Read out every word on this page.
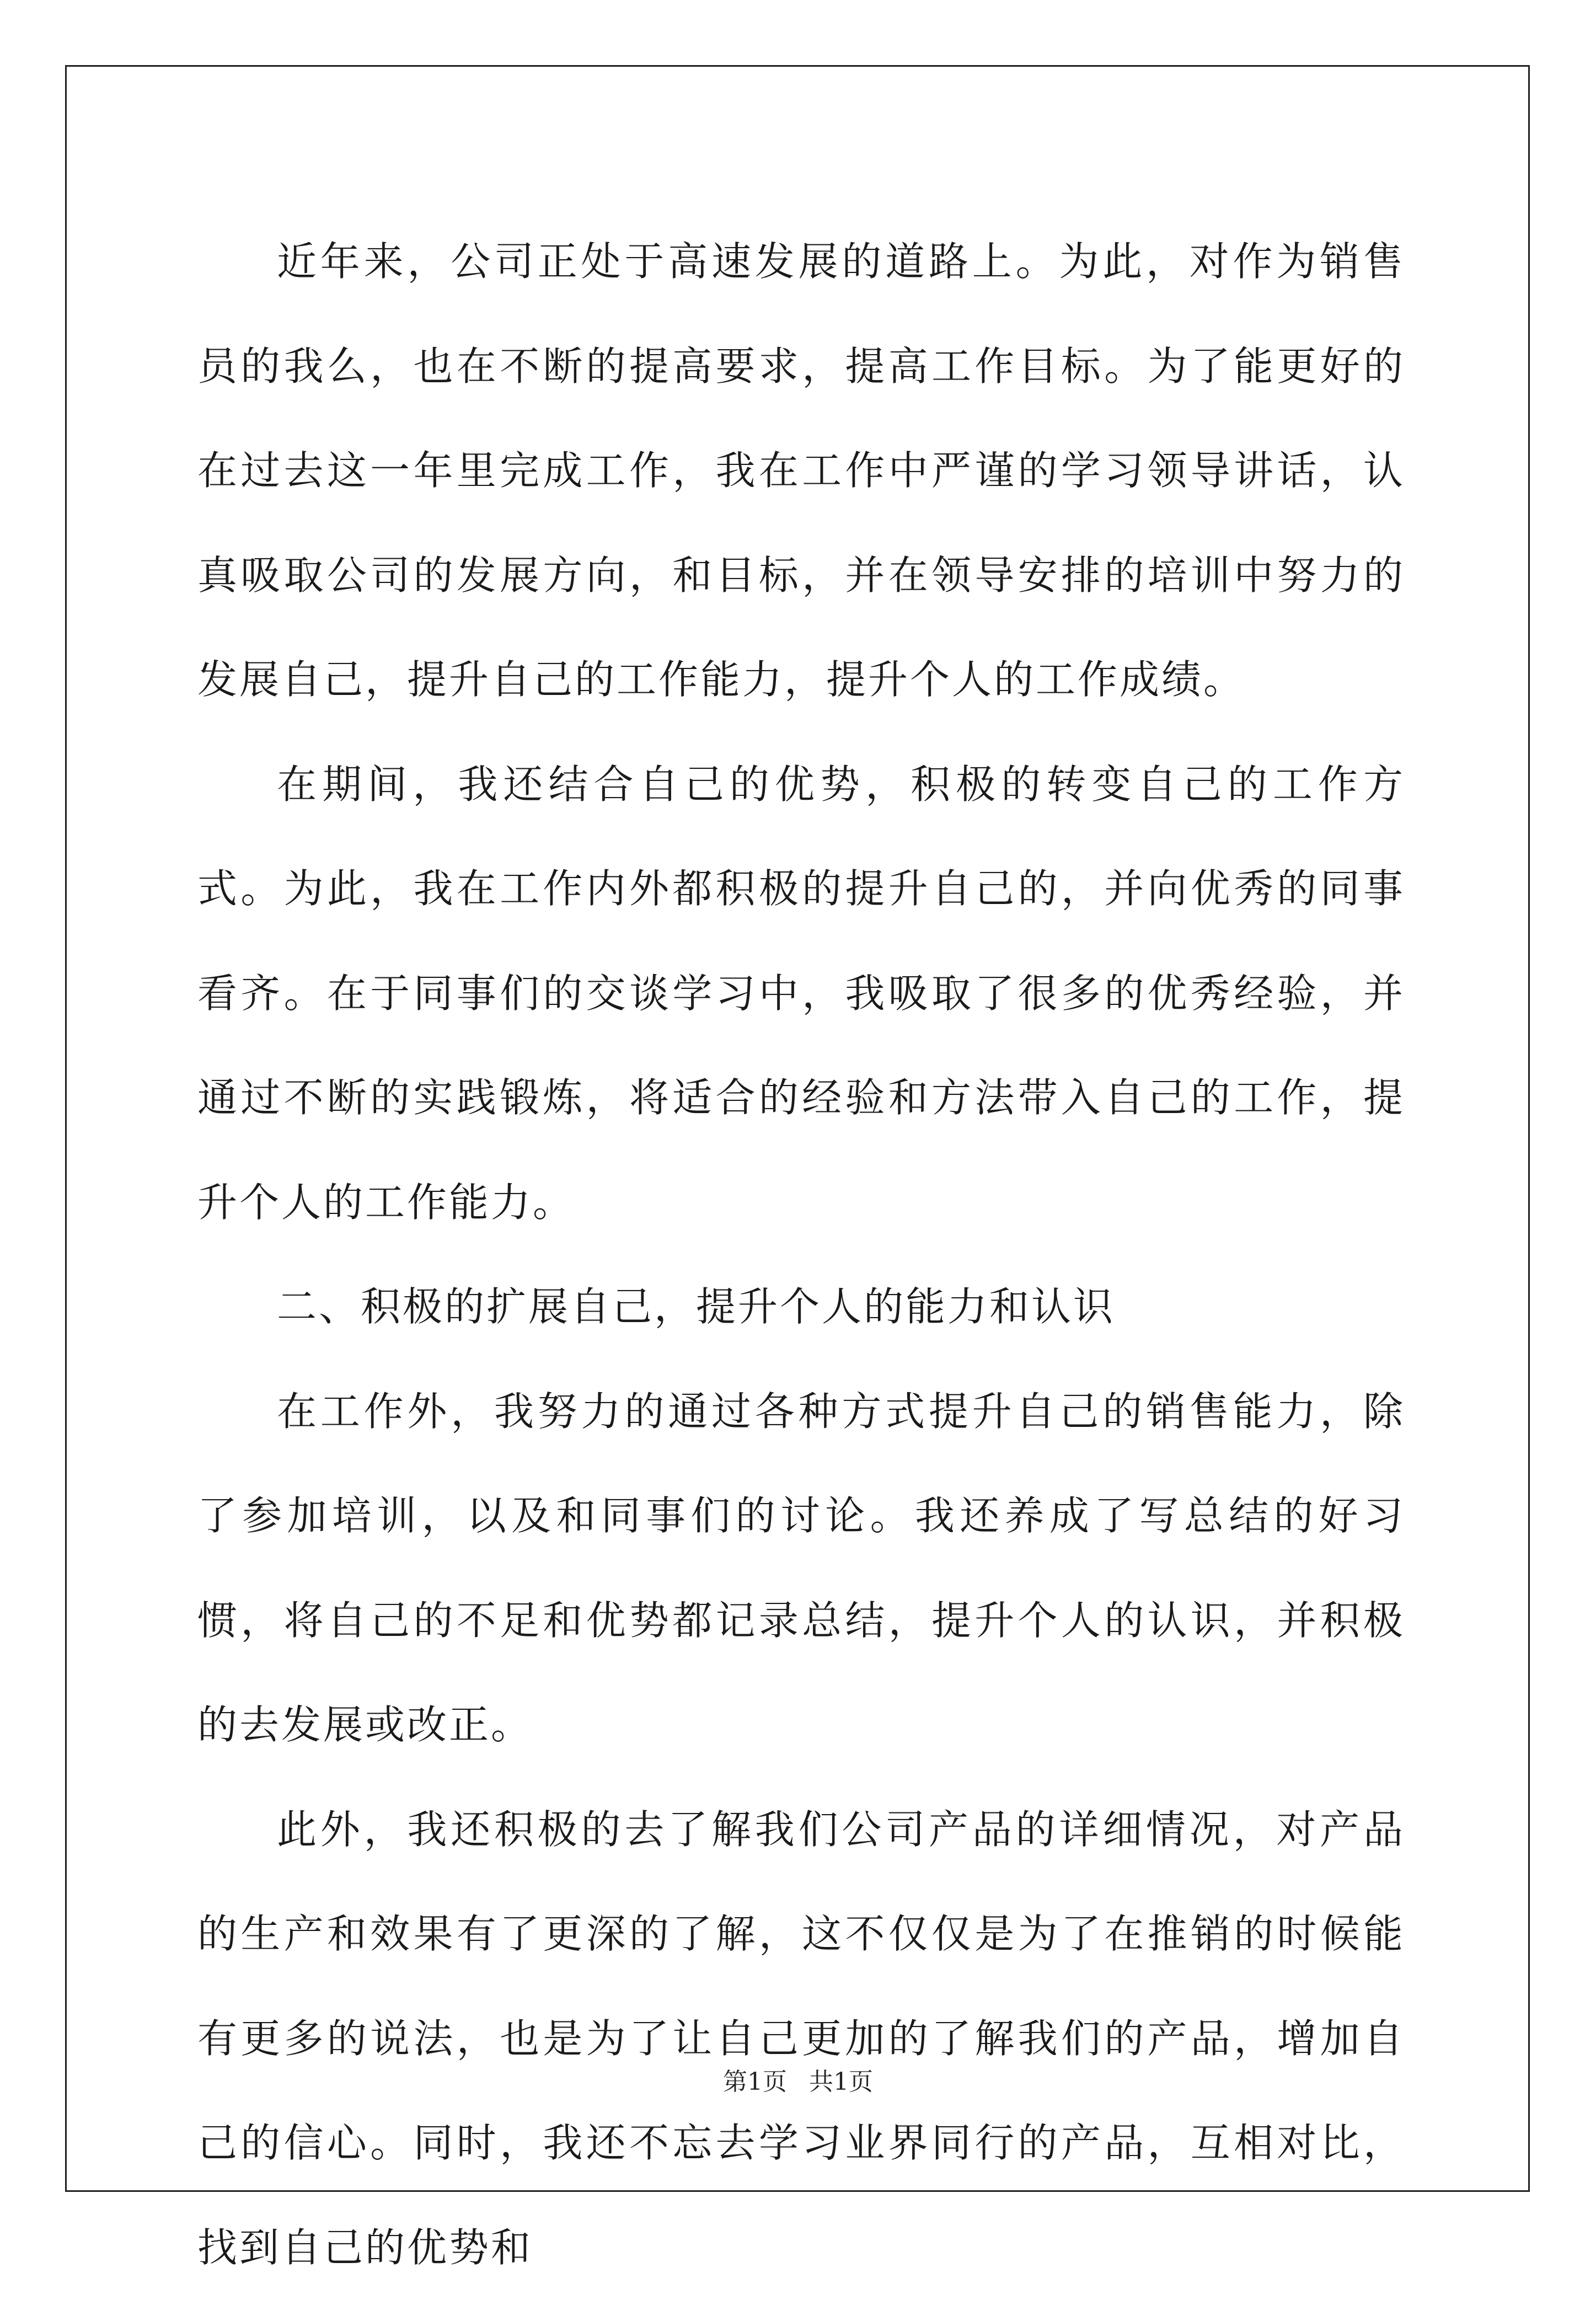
近年来，公司正处于高速发展的道路上。为此，对作为销售员的我么，也在不断的提高要求，提高工作目标。为了能更好的在过去这一年里完成工作，我在工作中严谨的学习领导讲话，认真吸取公司的发展方向，和目标，并在领导安排的培训中努力的发展自己，提升自己的工作能力，提升个人的工作成绩。

在期间，我还结合自己的优势，积极的转变自己的工作方式。为此，我在工作内外都积极的提升自己的，并向优秀的同事看齐。在于同事们的交谈学习中，我吸取了很多的优秀经验，并通过不断的实践锻炼，将适合的经验和方法带入自己的工作，提升个人的工作能力。

二、积极的扩展自己，提升个人的能力和认识

在工作外，我努力的通过各种方式提升自己的销售能力，除了参加培训，以及和同事们的讨论。我还养成了写总结的好习惯，将自己的不足和优势都记录总结，提升个人的认识，并积极的去发展或改正。

此外，我还积极的去了解我们公司产品的详细情况，对产品的生产和效果有了更深的了解，这不仅仅是为了在推销的时候能有更多的说法，也是为了让自己更加的了解我们的产品，增加自己的信心。同时，我还不忘去学习业界同行的产品，互相对比，找到自己的优势和

第1页 共1页
